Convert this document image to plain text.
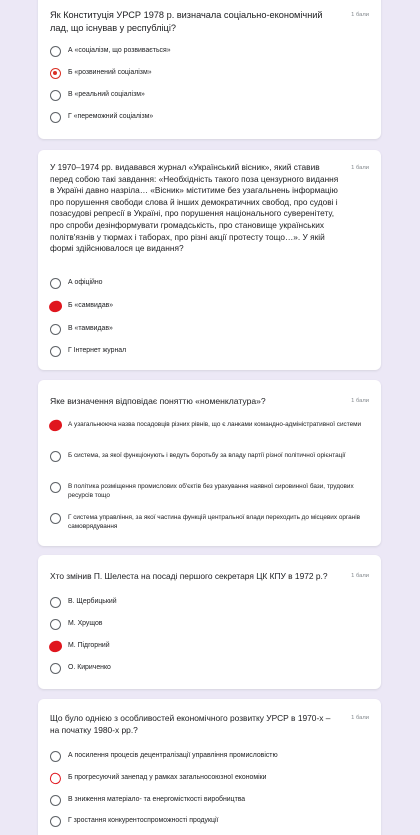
Як Конституція УРСР 1978 р. визначала соціально-економічний лад, що існував у республіці?
1 бали
А «соціалізм, що розвивається»
Б «розвинений соціалізм»
В «реальний соціалізм»
Г «переможний соціалізм»
У 1970–1974 рр. видавався журнал «Український вісник», який ставив перед собою такі завдання: «Необхідність такого поза цензурного видання в Україні давно назріла… «Вісник» міститиме без узагальнень інформацію про порушення свободи слова й інших демократичних свобод, про судові і позасудові репресії в Україні, про порушення національного суверенітету, про спроби дезінформувати громадськість, про становище українських політв'язнів у тюрмах і таборах, про різні акції протесту тощо…». У якій формі здійснювалося це видання?
1 бали
А офіційно
Б «самвидав»
В «тамвидав»
Г Інтернет журнал
Яке визначення відповідає поняттю «номенклатура»?	1 бали
А узагальнююча назва посадовців різних рівнів, що є ланками командно-адміністративної системи
Б система, за якої функціонують і ведуть боротьбу за владу партії різної політичної орієнтації
В політика розміщення промислових об'єктів без урахування наявної сировинної бази, трудових ресурсів тощо
Г система управління, за якої частина функцій центральної влади переходить до місцевих органів самоврядування
Хто змінив П. Шелеста на посаді першого секретаря ЦК КПУ в 1972 р.?	1 бали
В. Щербицький
М. Хрущов
М. Підгорний
О. Кириченко
Що було однією з особливостей економічного розвитку УРСР в 1970-х – на початку 1980-х рр.?
1 бали
А посилення процесів децентралізації управління промисловістю
Б прогресуючий занепад у рамках загальносоюзної економіки
В зниження матеріало- та енергомісткості виробництва
Г зростання конкурентоспроможності продукції
